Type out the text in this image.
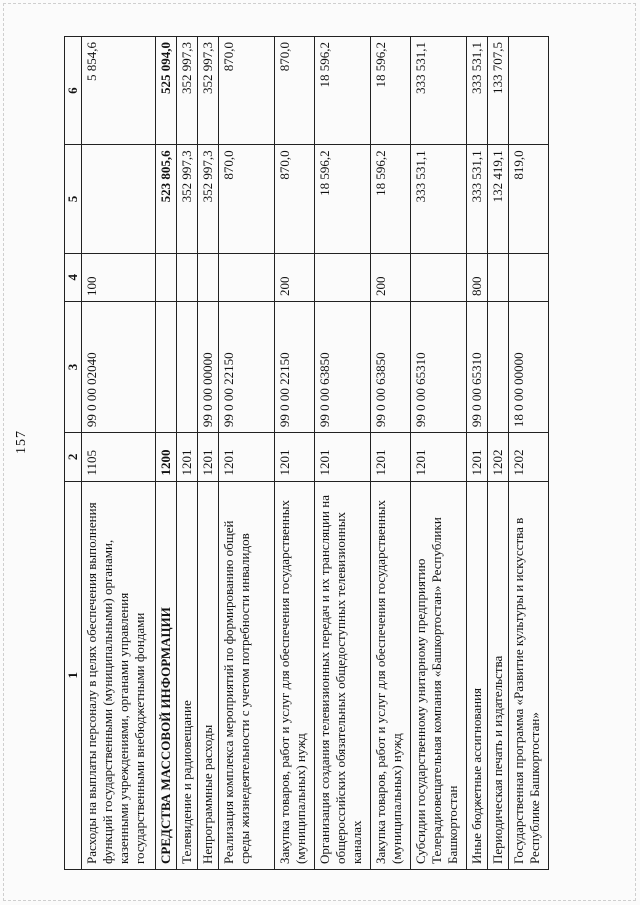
157
1	2	3	4	5	6
Расходы на выплаты персоналу в целях обеспечения выполнения функций государственными (муниципальными) органами, казенными учреждениями, органами управления государственными внебюджетными фондами	1105	99 0 00 02040	100		5 854,6
СРЕДСТВА МАССОВОЙ ИНФОРМАЦИИ	1200			523 805,6	525 094,0
Телевидение и радиовещание	1201			352 997,3	352 997,3
Непрограммные расходы	1201	99 0 00 00000		352 997,3	352 997,3
Реализация комплекса мероприятий по формированию общей среды жизнедеятельности с учетом потребности инвалидов	1201	99 0 00 22150		870,0	870,0
Закупка товаров, работ и услуг для обеспечения государственных (муниципальных) нужд	1201	99 0 00 22150	200	870,0	870,0
Организация создания телевизионных передач и их трансляции на общероссийских обязательных общедоступных телевизионных каналах	1201	99 0 00 63850		18 596,2	18 596,2
Закупка товаров, работ и услуг для обеспечения государственных (муниципальных) нужд	1201	99 0 00 63850	200	18 596,2	18 596,2
Субсидии государственному унитарному предприятию Телерадиовещательная компания «Башкортостан» Республики Башкортостан	1201	99 0 00 65310		333 531,1	333 531,1
Иные бюджетные ассигнования	1201	99 0 00 65310	800	333 531,1	333 531,1
Периодическая печать и издательства	1202			132 419,1	133 707,5
Государственная программа «Развитие культуры и искусства в Республике Башкортостан»	1202	18 0 00 00000		819,0	
